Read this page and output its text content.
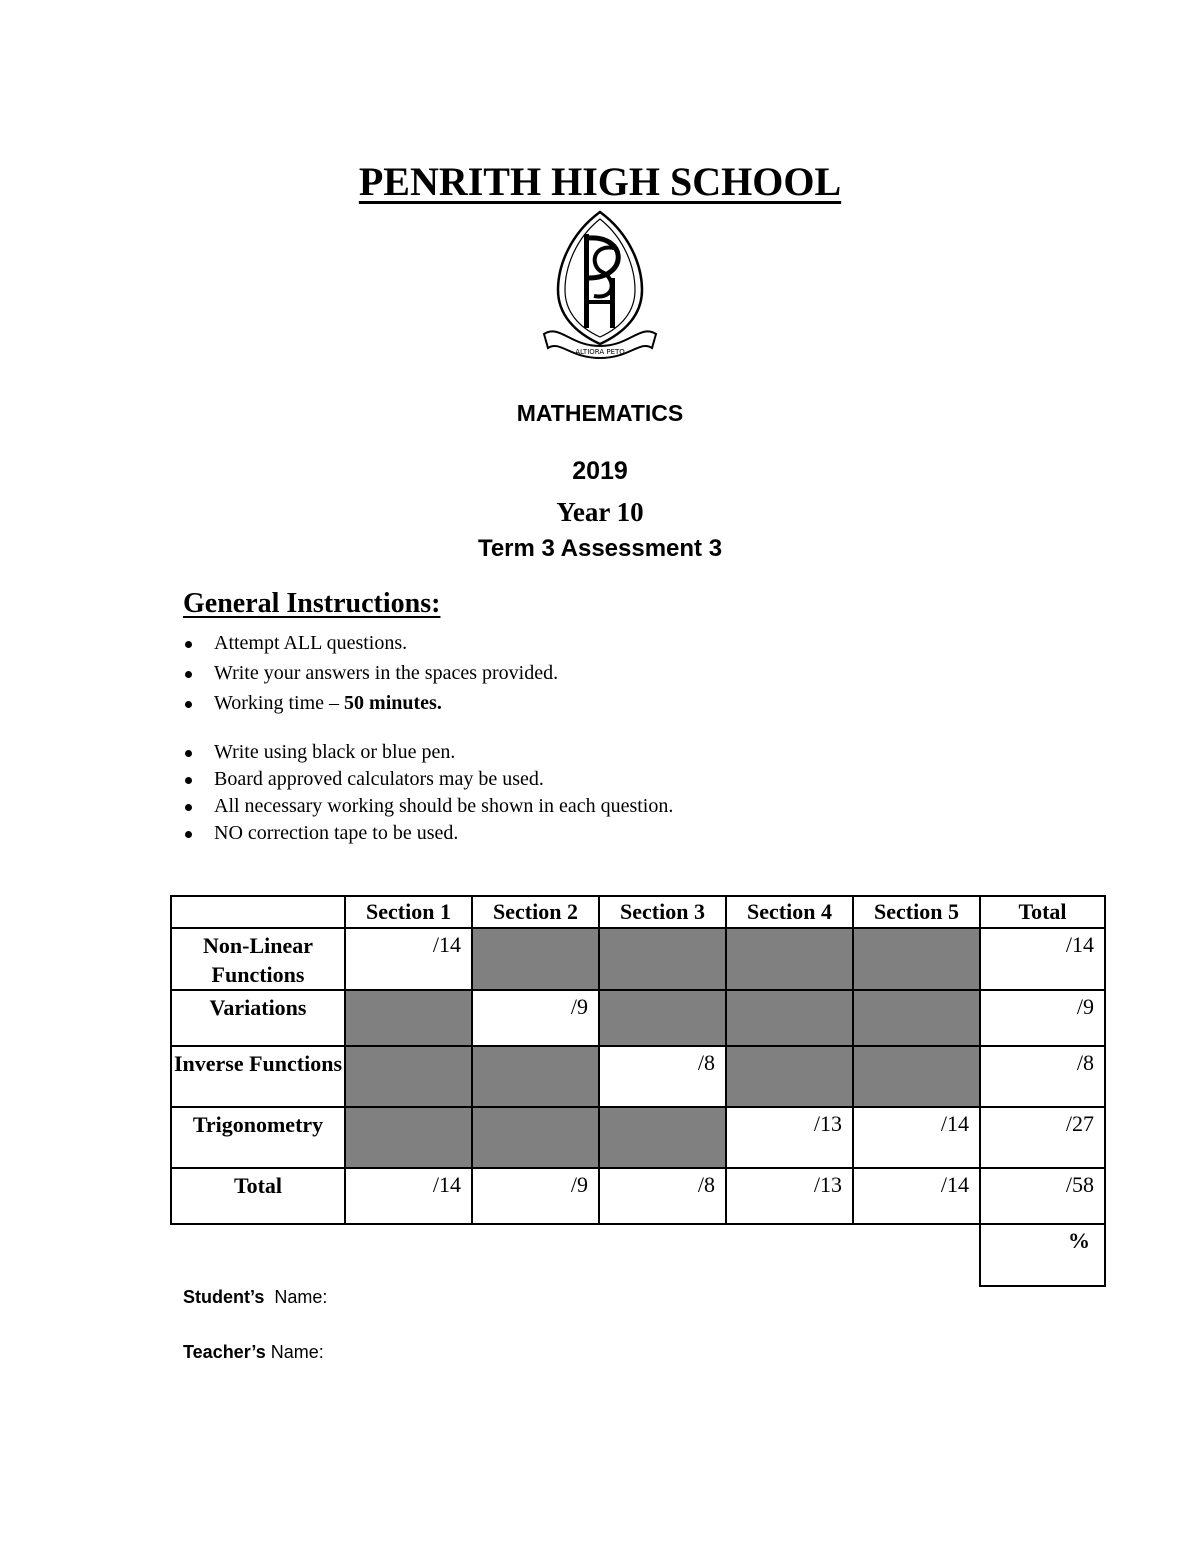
PENRITH HIGH SCHOOL
ALTIORA PETO
MATHEMATICS
2019
Year 10
Term 3 Assessment 3
General Instructions:
Attempt ALL questions.
Write your answers in the spaces provided.
Working time – 50 minutes.
Write using black or blue pen.
Board approved calculators may be used.
All necessary working should be shown in each question.
NO correction tape to be used.
	Section 1	Section 2	Section 3	Section 4	Section 5	Total
Non-Linear Functions	/14					/14
Variations		/9				/9
Inverse Functions			/8			/8
Trigonometry				/13	/14	/27
Total	/14	/9	/8	/13	/14	/58
						%
Student’s Name:
Teacher’s Name:
